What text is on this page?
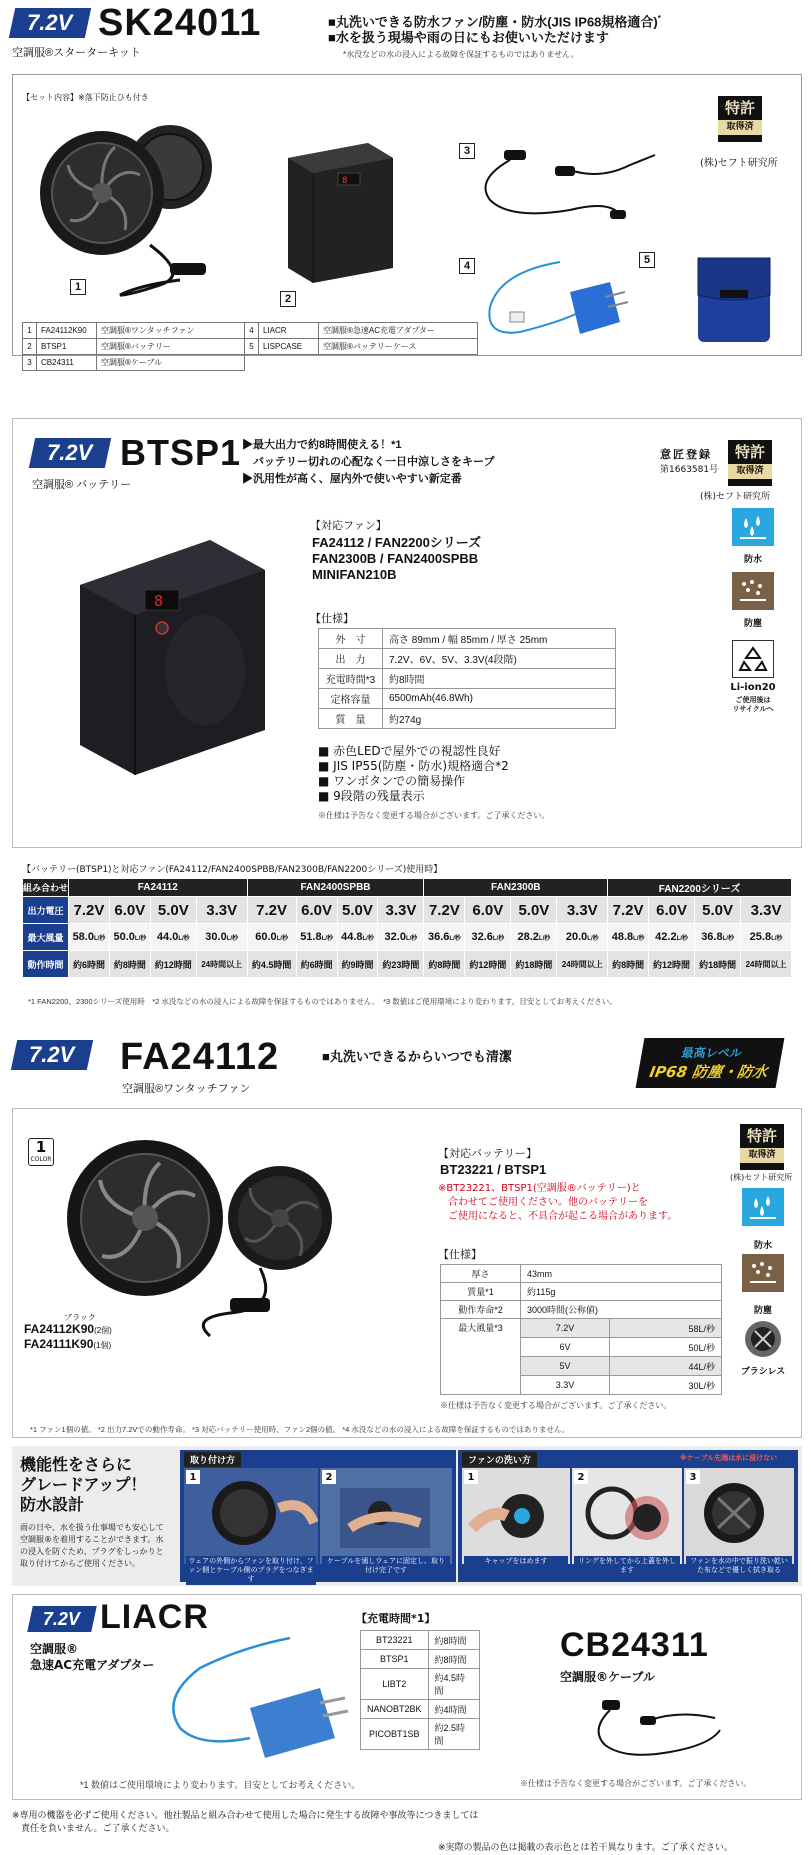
7.2V SK24011
空調服®スターターキット
■丸洗いできる防水ファン/防塵・防水(JIS IP68規格適合)*
■水を扱う現場や雨の日にもお使いいただけます
*水没などの水の浸入による故障を保証するものではありません。
【セット内容】※落下防止ひも付き
1
8
2
3
4	5
特許
取得済
(株)セフト研究所
1	FA24112K90	空調服®ワンタッチファン	4	LIACR	空調服®急速AC充電アダプター
2	BTSP1	空調服®バッテリー	5	LISPCASE	空調服®バッテリーケース
3	CB24311	空調服®ケーブル			
7.2V BTSP1
空調服® バッテリー
▶最大出力で約8時間使える！*1
　バッテリー切れの心配なく一日中涼しさをキープ
▶汎用性が高く、屋内外で使いやすい新定番
意匠登録
第1663581号
特許
取得済
(株)セフト研究所
8
【対応ファン】
FA24112 / FAN2200シリーズ
FAN2300B / FAN2400SPBB
MINIFAN210B
【仕様】
外　寸	高さ 89mm / 幅 85mm / 厚さ 25mm
出　力	7.2V、6V、5V、3.3V(4段階)
充電時間*3	約8時間
定格容量	6500mAh(46.8Wh)
質　量	約274g
■ 赤色LEDで屋外での視認性良好
■ JIS IP55(防塵・防水)規格適合*2
■ ワンボタンでの簡易操作
■ 9段階の残量表示
※仕様は予告なく変更する場合がございます。ご了承ください。
防水
防塵
Li-ion20
ご使用後は
リサイクルへ
【バッテリー(BTSP1)と対応ファン(FA24112/FAN2400SPBB/FAN2300B/FAN2200シリーズ)使用時】
組み合わせ	FA24112				FAN2400SPBB				FAN2300B				FAN2200シリーズ			
出力電圧	7.2V	6.0V	5.0V	3.3V	7.2V	6.0V	5.0V	3.3V	7.2V	6.0V	5.0V	3.3V	7.2V	6.0V	5.0V	3.3V
最大風量	58.0L/秒	50.0L/秒	44.0L/秒	30.0L/秒	60.0L/秒	51.8L/秒	44.8L/秒	32.0L/秒	36.6L/秒	32.6L/秒	28.2L/秒	20.0L/秒	48.8L/秒	42.2L/秒	36.8L/秒	25.8L/秒
動作時間	約6時間	約8時間	約12時間	24時間以上	約4.5時間	約6時間	約9時間	約23時間	約8時間	約12時間	約18時間	24時間以上	約8時間	約12時間	約18時間	24時間以上
*1 FAN2200、2300シリーズ使用時　*2 水没などの水の浸入による故障を保証するものではありません。　*3 数値はご使用環境により変わります。目安としてお考えください。
7.2V FA24112
空調服®ワンタッチファン
■丸洗いできるからいつでも清潔	最高レベル
IP68 防塵・防水
1
COLOR
ブラック
FA24112K90(2個)
FA24111K90(1個)
【対応バッテリー】
BT23221 / BTSP1
※BT23221、BTSP1(空調服®バッテリー)と
　合わせてご使用ください。他のバッテリーを
　ご使用になると、不具合が起こる場合があります。
【仕様】
厚さ	43mm	
質量*1	約115g	
動作寿命*2	3000時間(公称値)	
最大風量*3	7.2V	58L/秒
	6V	50L/秒
	5V	44L/秒
	3.3V	30L/秒
※仕様は予告なく変更する場合がございます。ご了承ください。
特許
取得済
(株)セフト研究所
防水
防塵
ブラシレス
*1 ファン1個の値。 *2 出力7.2Vでの動作寿命。 *3 対応バッテリー使用時、ファン2個の値。 *4 水没などの水の浸入による故障を保証するものではありません。
機能性をさらに
グレードアップ！
防水設計
雨の日や、水を扱う仕事場でも安心して空調服®を着用することができます。水の浸入を防ぐため、プラグをしっかりと取り付けてからご使用ください。
取り付け方
1
ウェアの外側からファンを取り付け、ファン側とケーブル側のプラグをつなぎます
2
ケーブルを通しウェアに固定し、取り付け完了です
ファンの洗い方	※ケーブル先端は水に浸けない
1
キャップをはめます
2
リングを外してから上蓋を外します
3
ファンを水の中で振り洗い乾いた布などで優しく拭き取る
7.2V LIACR
空調服®
急速AC充電アダプター
【充電時間*1】
BT23221	約8時間
BTSP1	約8時間
LIBT2	約4.5時間
NANOBT2BK	約4時間
PICOBT1SB	約2.5時間
*1 数値はご使用環境により変わります。目安としてお考えください。
CB24311
空調服®ケーブル
※仕様は予告なく変更する場合がございます。ご了承ください。
※専用の機器を必ずご使用ください。他社製品と組み合わせて使用した場合に発生する故障や事故等につきましては
　責任を負いません。ご了承ください。
※実際の製品の色は掲載の表示色とは若干異なります。ご了承ください。
